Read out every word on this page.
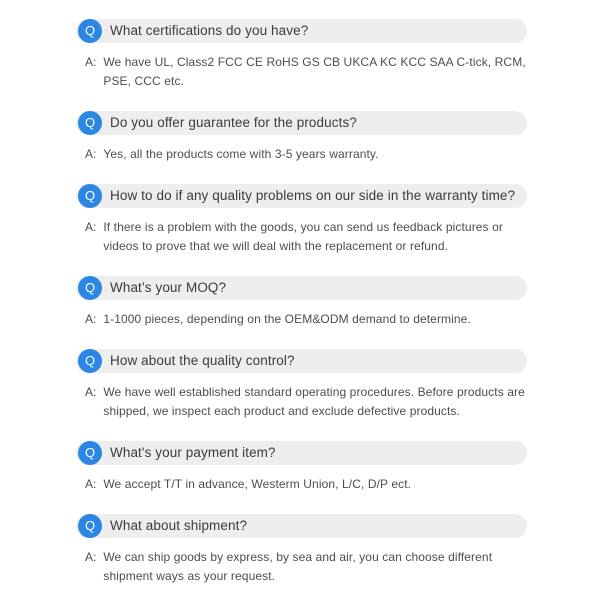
What certifications do you have?
Q
A: We have UL, Class2 FCC CE RoHS GS CB UKCA KC KCC SAA C-tick, RCM, PSE, CCC etc.

Do you offer guarantee for the products?
Q
A: Yes, all the products come with 3-5 years warranty.

How to do if any quality problems on our side in the warranty time?
Q
A: If there is a problem with the goods, you can send us feedback pictures or videos to prove that we will deal with the replacement or refund.

What’s your MOQ?
Q
A: 1-1000 pieces, depending on the OEM&ODM demand to determine.

How about the quality control?
Q
A: We have well established standard operating procedures. Before products are shipped, we inspect each product and exclude defective products.

What's your payment item?
Q
A: We accept T/T in advance, Westerm Union, L/C, D/P ect.

What about shipment?
Q
A: We can ship goods by express, by sea and air, you can choose different shipment ways as your request.
